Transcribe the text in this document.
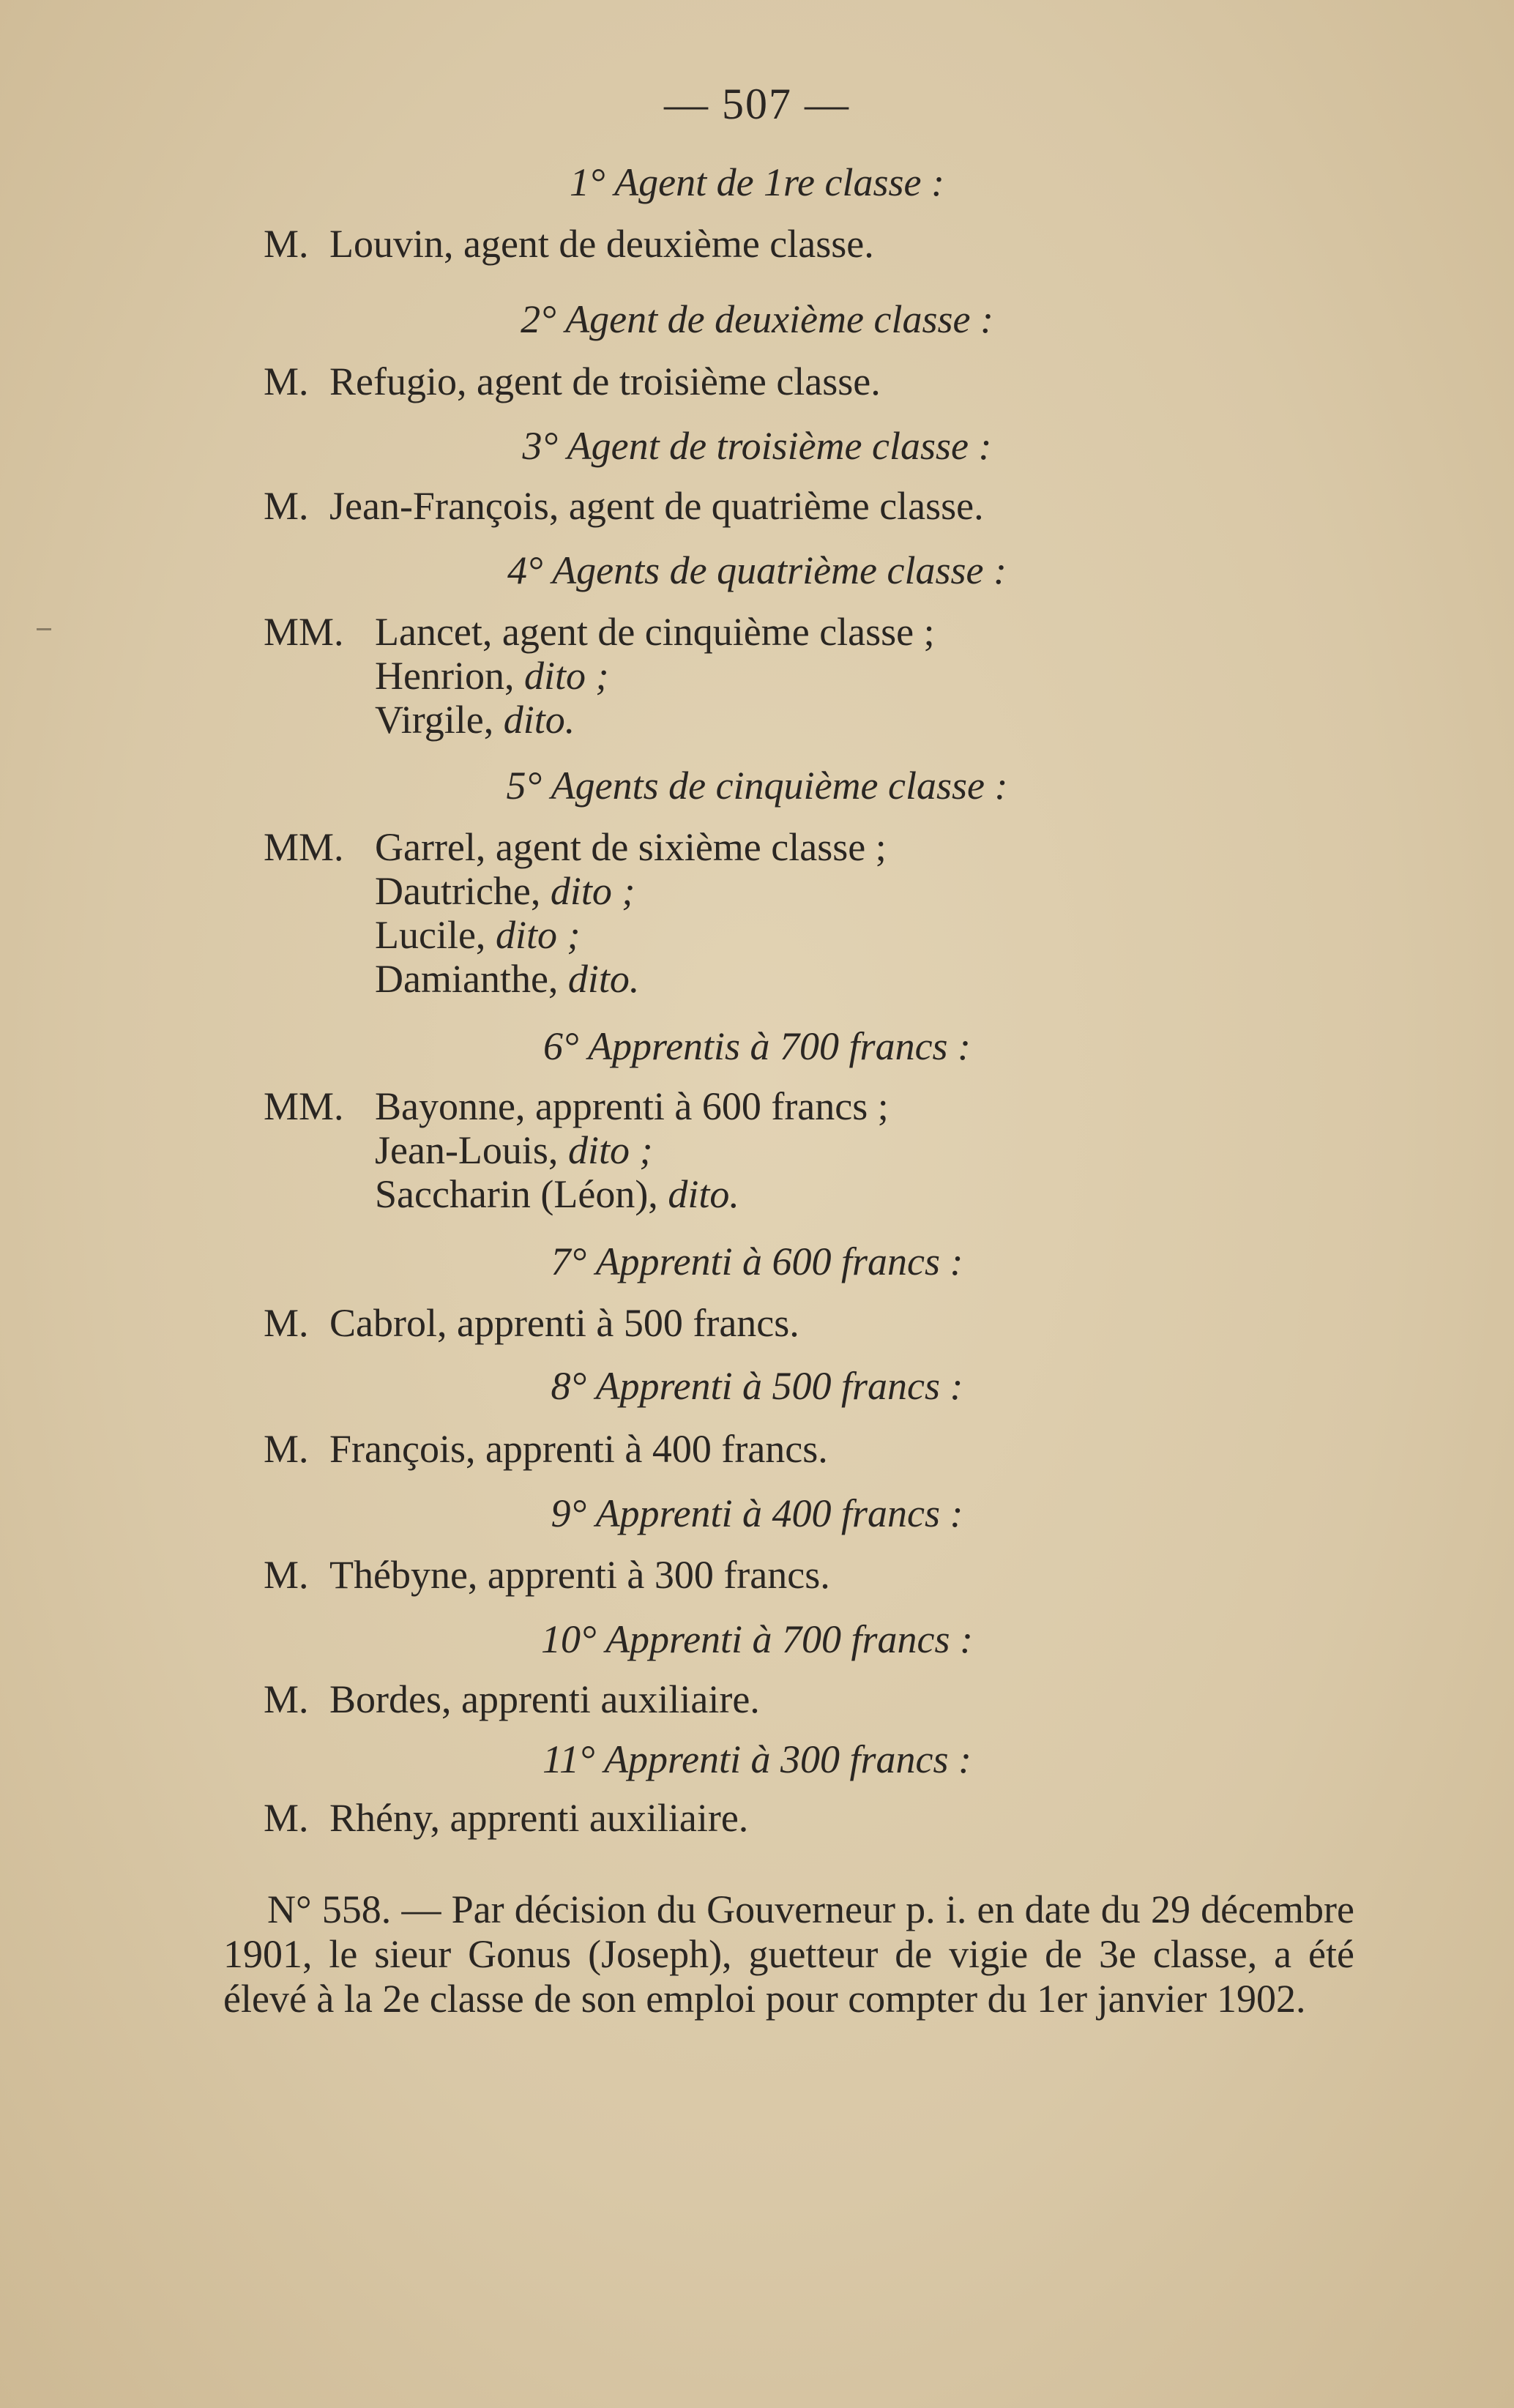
— 507 —
1° Agent de 1re classe :
M. Louvin, agent de deuxième classe.
2° Agent de deuxième classe :
M. Refugio, agent de troisième classe.
3° Agent de troisième classe :
M. Jean-François, agent de quatrième classe.
4° Agents de quatrième classe :
MM. Lancet, agent de cinquième classe ;
Henrion, dito ;
Virgile, dito.
5° Agents de cinquième classe :
MM. Garrel, agent de sixième classe ;
Dautriche, dito ;
Lucile, dito ;
Damianthe, dito.
6° Apprentis à 700 francs :
MM. Bayonne, apprenti à 600 francs ;
Jean-Louis, dito ;
Saccharin (Léon), dito.
7° Apprenti à 600 francs :
M. Cabrol, apprenti à 500 francs.
8° Apprenti à 500 francs :
M. François, apprenti à 400 francs.
9° Apprenti à 400 francs :
M. Thébyne, apprenti à 300 francs.
10° Apprenti à 700 francs :
M. Bordes, apprenti auxiliaire.
11° Apprenti à 300 francs :
M. Rhény, apprenti auxiliaire.
N° 558. — Par décision du Gouverneur p. i. en date du 29 décembre 1901, le sieur Gonus (Joseph), guetteur de vigie de 3e classe, a été élevé à la 2e classe de son emploi pour compter du 1er janvier 1902.
